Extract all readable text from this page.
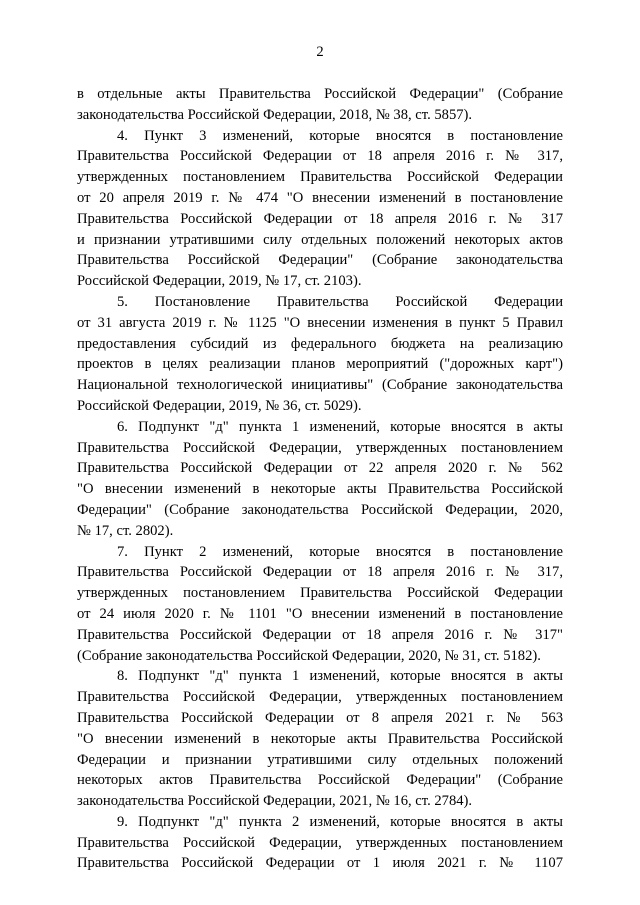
2
в отдельные акты Правительства Российской Федерации" (Собрание
законодательства Российской Федерации, 2018, № 38, ст. 5857).
4. Пункт 3 изменений, которые вносятся в постановление
Правительства Российской Федерации от 18 апреля 2016 г. № 317,
утвержденных постановлением Правительства Российской Федерации
от 20 апреля 2019 г. № 474 "О внесении изменений в постановление
Правительства Российской Федерации от 18 апреля 2016 г. № 317
и признании утратившими силу отдельных положений некоторых актов
Правительства Российской Федерации" (Собрание законодательства
Российской Федерации, 2019, № 17, ст. 2103).
5. Постановление Правительства Российской Федерации
от 31 августа 2019 г. № 1125 "О внесении изменения в пункт 5 Правил
предоставления субсидий из федерального бюджета на реализацию
проектов в целях реализации планов мероприятий ("дорожных карт")
Национальной технологической инициативы" (Собрание законодательства
Российской Федерации, 2019, № 36, ст. 5029).
6. Подпункт "д" пункта 1 изменений, которые вносятся в акты
Правительства Российской Федерации, утвержденных постановлением
Правительства Российской Федерации от 22 апреля 2020 г. № 562
"О внесении изменений в некоторые акты Правительства Российской
Федерации" (Собрание законодательства Российской Федерации, 2020,
№ 17, ст. 2802).
7. Пункт 2 изменений, которые вносятся в постановление
Правительства Российской Федерации от 18 апреля 2016 г. № 317,
утвержденных постановлением Правительства Российской Федерации
от 24 июля 2020 г. № 1101 "О внесении изменений в постановление
Правительства Российской Федерации от 18 апреля 2016 г. № 317"
(Собрание законодательства Российской Федерации, 2020, № 31, ст. 5182).
8. Подпункт "д" пункта 1 изменений, которые вносятся в акты
Правительства Российской Федерации, утвержденных постановлением
Правительства Российской Федерации от 8 апреля 2021 г. № 563
"О внесении изменений в некоторые акты Правительства Российской
Федерации и признании утратившими силу отдельных положений
некоторых актов Правительства Российской Федерации" (Собрание
законодательства Российской Федерации, 2021, № 16, ст. 2784).
9. Подпункт "д" пункта 2 изменений, которые вносятся в акты
Правительства Российской Федерации, утвержденных постановлением
Правительства Российской Федерации от 1 июля 2021 г. № 1107
